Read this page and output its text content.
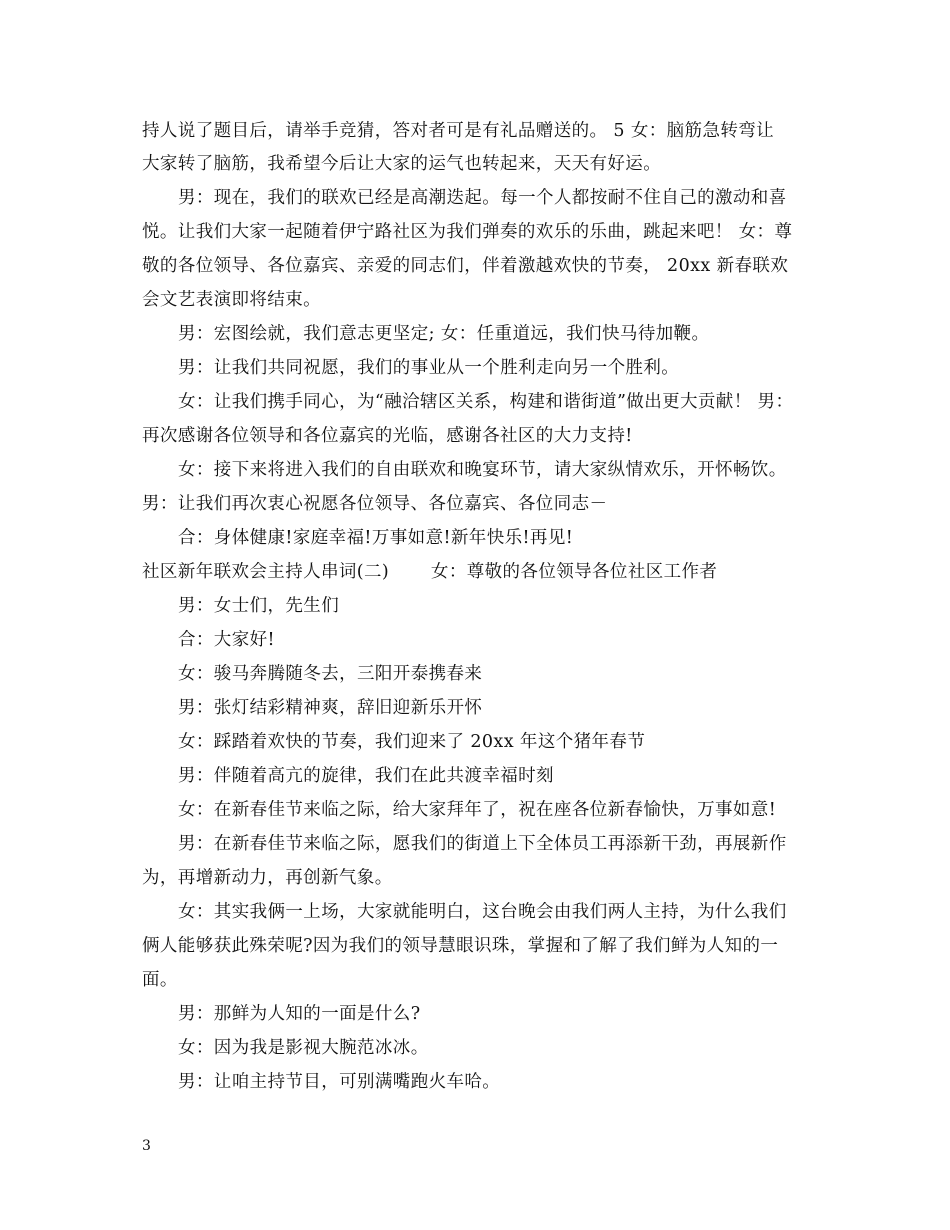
持人说了题目后，请举手竞猜，答对者可是有礼品赠送的。 5 女：脑筋急转弯让
大家转了脑筋，我希望今后让大家的运气也转起来，天天有好运。
男：现在，我们的联欢已经是高潮迭起。每一个人都按耐不住自己的激动和喜
悦。让我们大家一起随着伊宁路社区为我们弹奏的欢乐的乐曲，跳起来吧！ 女：尊
敬的各位领导、各位嘉宾、亲爱的同志们，伴着激越欢快的节奏， 20xx 新春联欢
会文艺表演即将结束。
男：宏图绘就，我们意志更坚定; 女：任重道远，我们快马待加鞭。
男：让我们共同祝愿，我们的事业从一个胜利走向另一个胜利。
女：让我们携手同心，为“融洽辖区关系，构建和谐街道”做出更大贡献！ 男：
再次感谢各位领导和各位嘉宾的光临，感谢各社区的大力支持!
女：接下来将进入我们的自由联欢和晚宴环节，请大家纵情欢乐，开怀畅饮。
男：让我们再次衷心祝愿各位领导、各位嘉宾、各位同志－
合：身体健康!家庭幸福!万事如意!新年快乐!再见!
社区新年联欢会主持人串词(二)　　 女：尊敬的各位领导各位社区工作者
男：女士们，先生们
合：大家好!
女：骏马奔腾随冬去，三阳开泰携春来
男：张灯结彩精神爽，辞旧迎新乐开怀
女：踩踏着欢快的节奏，我们迎来了 20xx 年这个猪年春节
男：伴随着高亢的旋律，我们在此共渡幸福时刻
女：在新春佳节来临之际，给大家拜年了，祝在座各位新春愉快，万事如意!
男：在新春佳节来临之际，愿我们的街道上下全体员工再添新干劲，再展新作
为，再增新动力，再创新气象。
女：其实我俩一上场，大家就能明白，这台晚会由我们两人主持，为什么我们
俩人能够获此殊荣呢?因为我们的领导慧眼识珠，掌握和了解了我们鲜为人知的一
面。
男：那鲜为人知的一面是什么?
女：因为我是影视大腕范冰冰。
男：让咱主持节目，可别满嘴跑火车哈。
3
